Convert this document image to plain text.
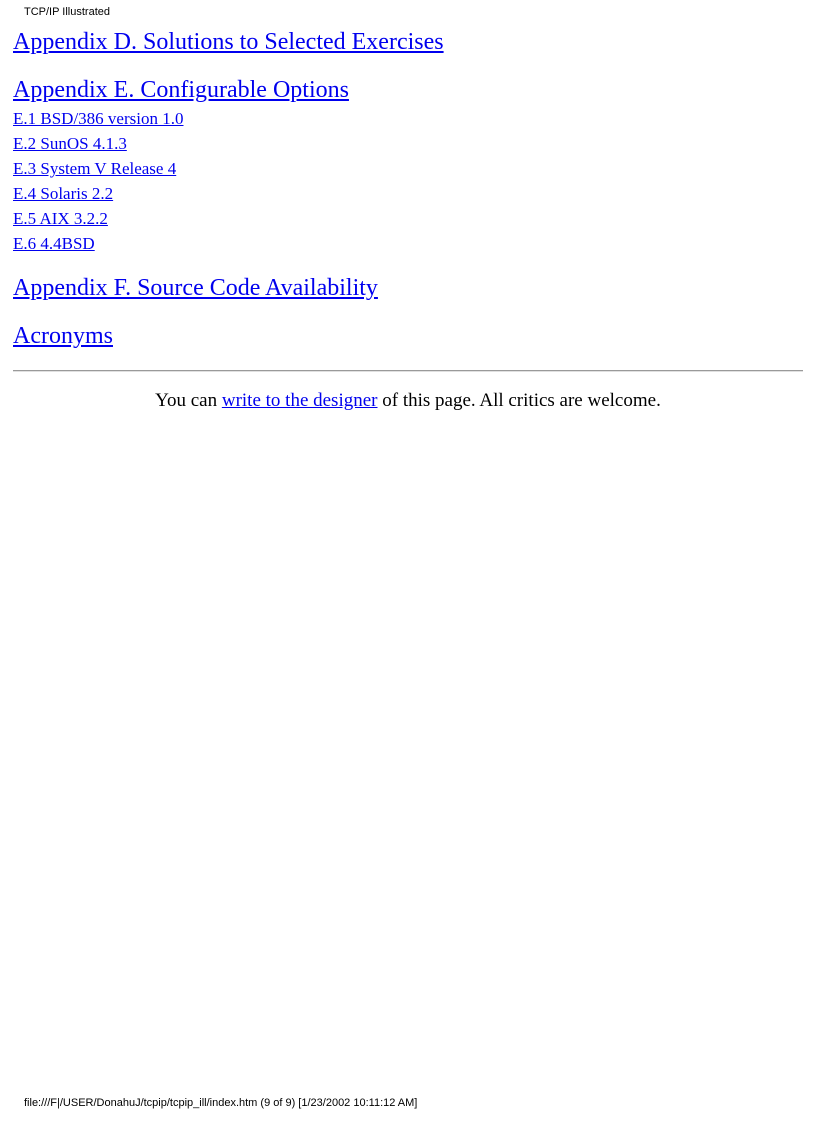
TCP/IP Illustrated
Appendix D. Solutions to Selected Exercises
Appendix E. Configurable Options
E.1 BSD/386 version 1.0
E.2 SunOS 4.1.3
E.3 System V Release 4
E.4 Solaris 2.2
E.5 AIX 3.2.2
E.6 4.4BSD
Appendix F. Source Code Availability
Acronyms
You can write to the designer of this page. All critics are welcome.
file:///F|/USER/DonahuJ/tcpip/tcpip_ill/index.htm (9 of 9) [1/23/2002 10:11:12 AM]
